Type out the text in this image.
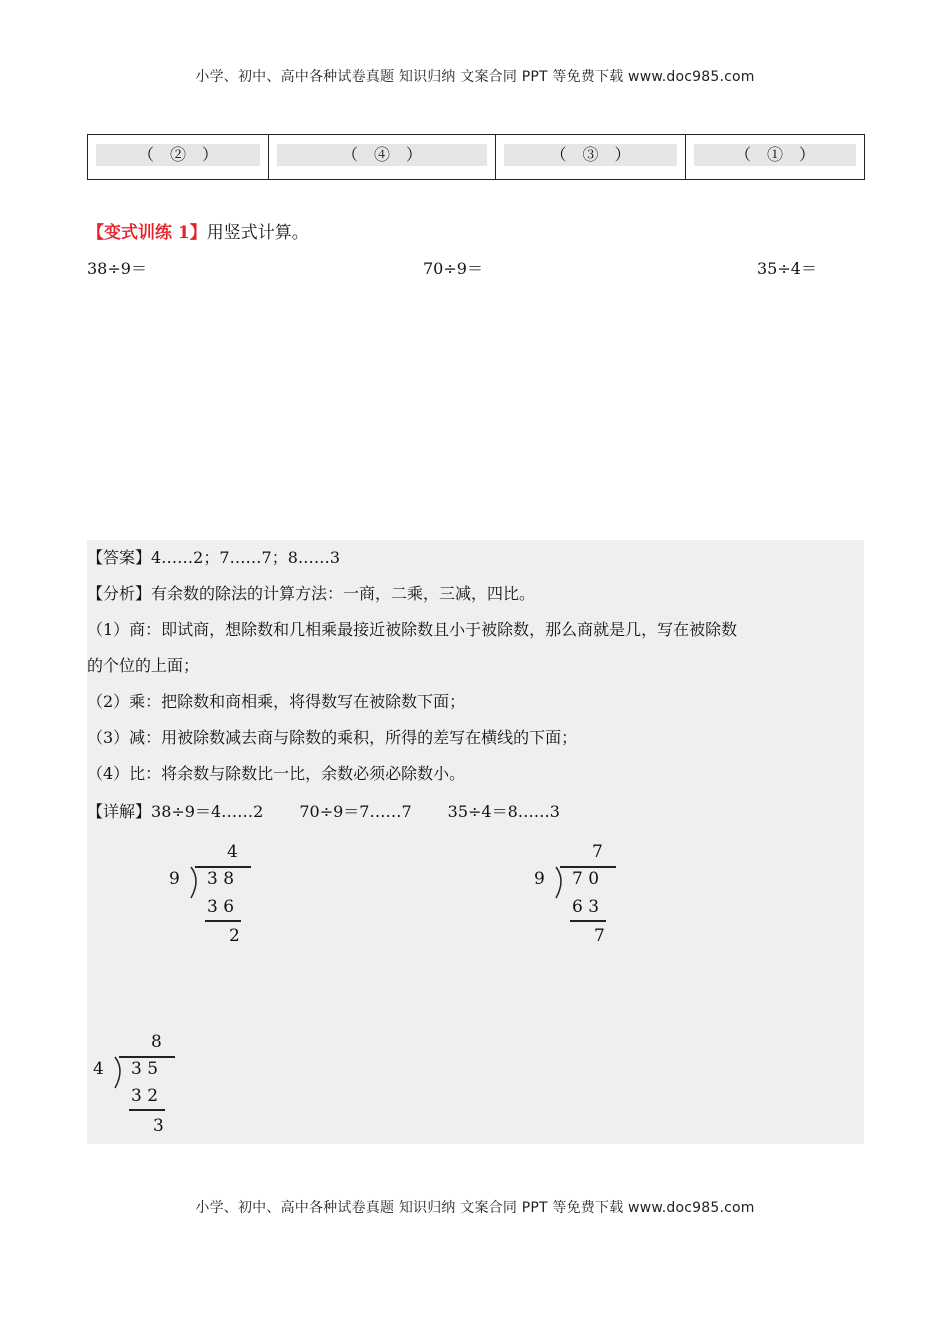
小学、初中、高中各种试卷真题 知识归纳 文案合同 PPT 等免费下载 www.doc985.com
（　②　）	（　④　）	（　③　）	（　①　）
【变式训练 1】用竖式计算。
38÷9＝	70÷9＝	35÷4＝
【答案】4……2；7……7；8……3
【分析】有余数的除法的计算方法：一商，二乘，三减，四比。
（1）商：即试商，想除数和几相乘最接近被除数且小于被除数，那么商就是几，写在被除数
的个位的上面；
（2）乘：把除数和商相乘，将得数写在被除数下面；
（3）减：用被除数减去商与除数的乘积，所得的差写在横线的下面；
（4）比：将余数与除数比一比，余数必须必除数小。
【详解】38÷9＝4……2 70÷9＝7……7 35÷4＝8……3
4
9 3 8
3 6
2
7
9 7 0
6 3
7
8
4 3 5
3 2
3
小学、初中、高中各种试卷真题 知识归纳 文案合同 PPT 等免费下载 www.doc985.com
